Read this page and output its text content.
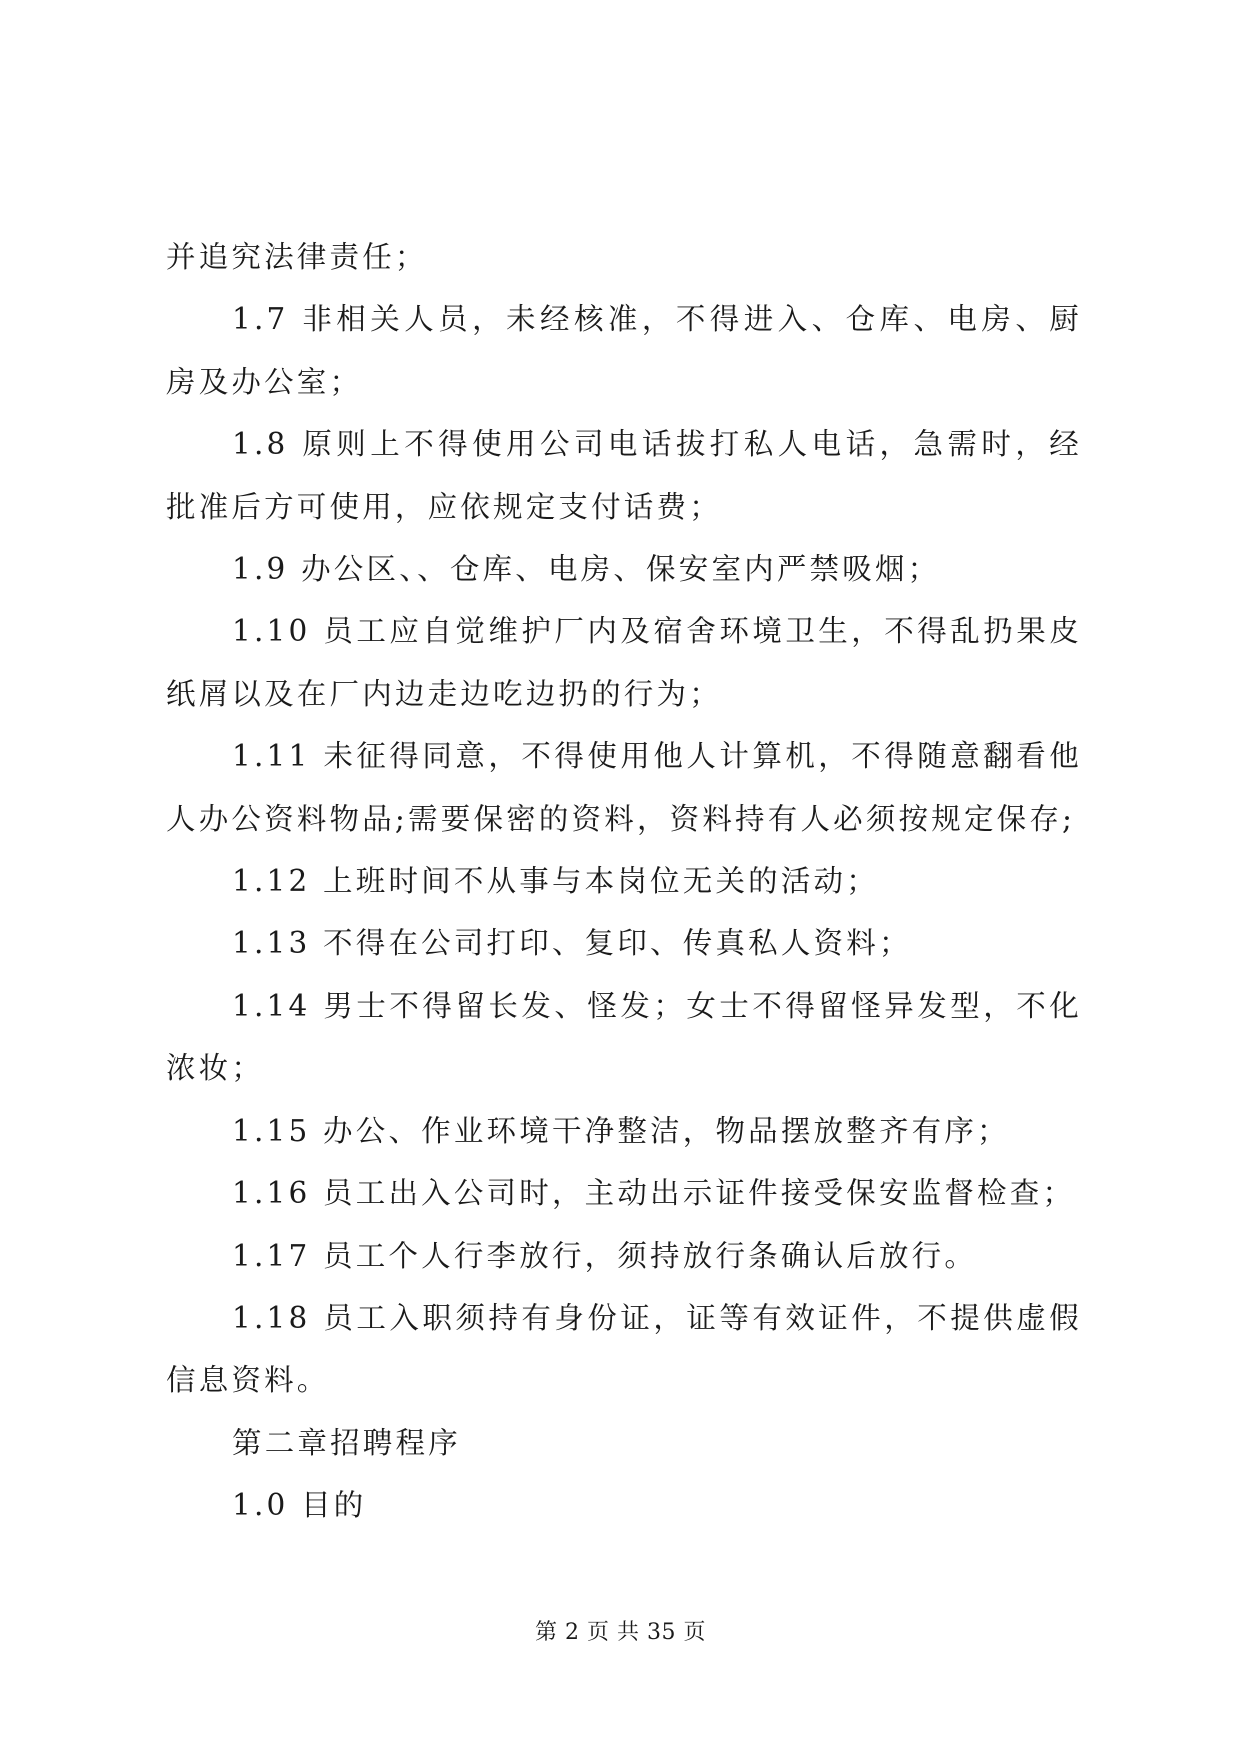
并追究法律责任；

1.7 非相关人员，未经核准，不得进入、仓库、电房、厨房及办公室；

1.8 原则上不得使用公司电话拔打私人电话，急需时，经批准后方可使用，应依规定支付话费；

1.9 办公区、、仓库、电房、保安室内严禁吸烟；

1.10 员工应自觉维护厂内及宿舍环境卫生，不得乱扔果皮纸屑以及在厂内边走边吃边扔的行为；

1.11 未征得同意，不得使用他人计算机，不得随意翻看他人办公资料物品;需要保密的资料，资料持有人必须按规定保存;

1.12 上班时间不从事与本岗位无关的活动；

1.13 不得在公司打印、复印、传真私人资料；

1.14 男士不得留长发、怪发；女士不得留怪异发型，不化浓妆；

1.15 办公、作业环境干净整洁，物品摆放整齐有序；

1.16 员工出入公司时，主动出示证件接受保安监督检查；

1.17 员工个人行李放行，须持放行条确认后放行。

1.18 员工入职须持有身份证，证等有效证件，不提供虚假信息资料。

第二章招聘程序

1.0 目的

第 2 页 共 35 页
